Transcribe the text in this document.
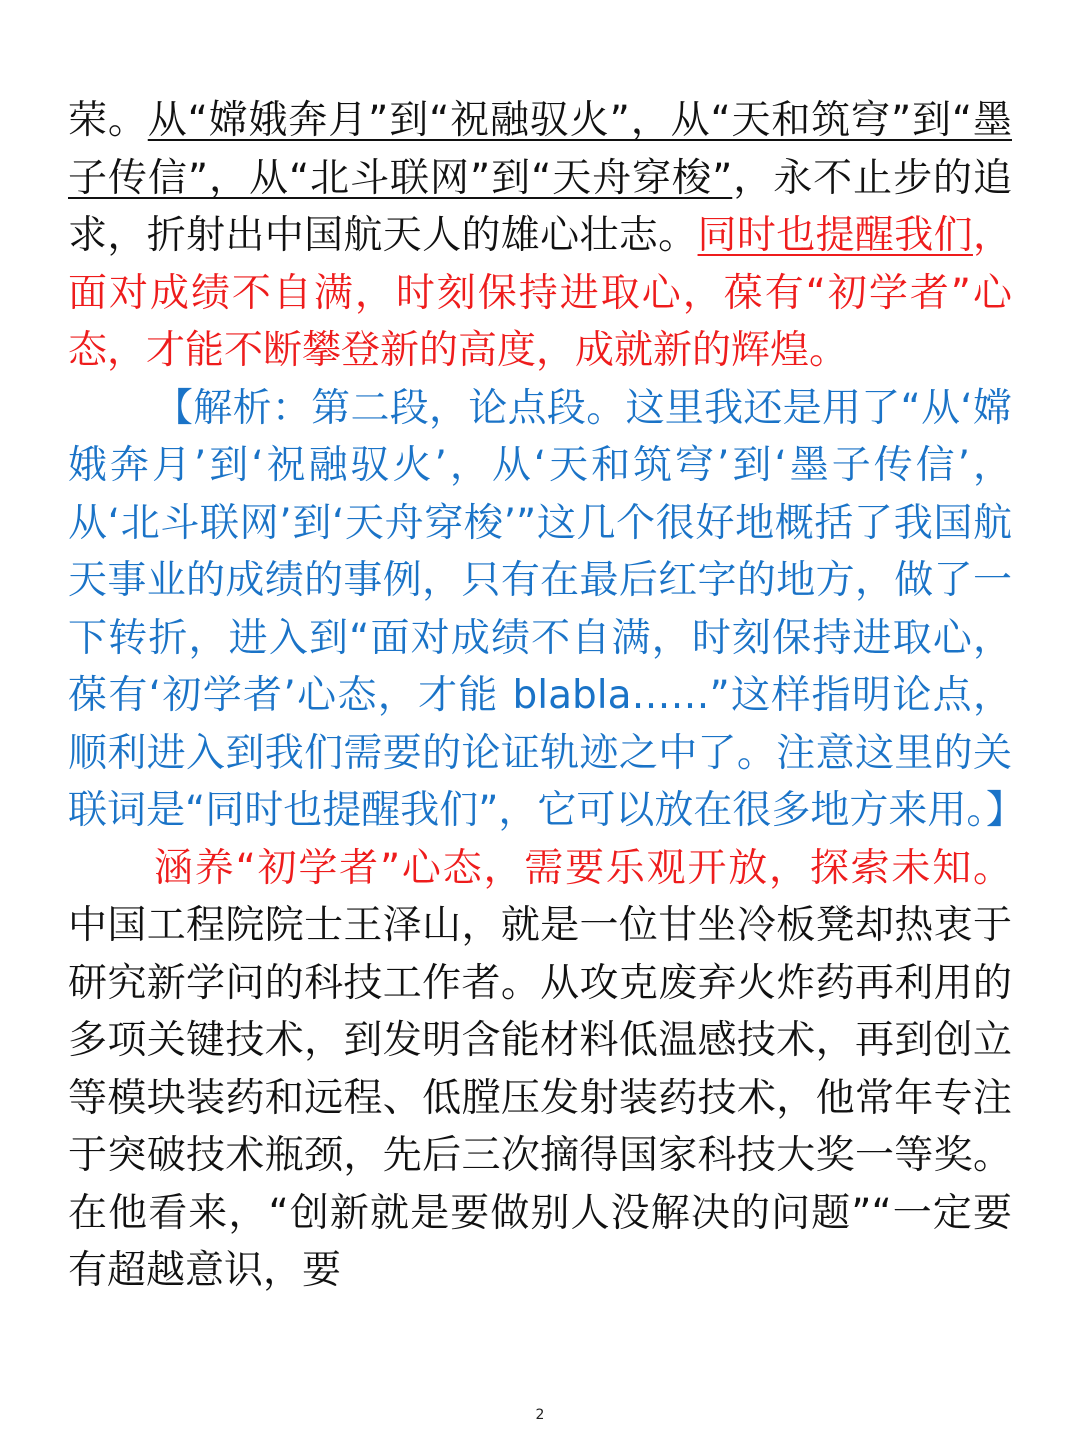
荣。从“嫦娥奔月”到“祝融驭火”，从“天和筑穹”到“墨子传信”，从“北斗联网”到“天舟穿梭”，永不止步的追求，折射出中国航天人的雄心壮志。同时也提醒我们，面对成绩不自满，时刻保持进取心，葆有“初学者”心态，才能不断攀登新的高度，成就新的辉煌。

【解析：第二段，论点段。这里我还是用了“从‘嫦娥奔月’到‘祝融驭火’，从‘天和筑穹’到‘墨子传信’，从‘北斗联网’到‘天舟穿梭’”这几个很好地概括了我国航天事业的成绩的事例，只有在最后红字的地方，做了一下转折，进入到“面对成绩不自满，时刻保持进取心，葆有‘初学者’心态，才能 blabla……”这样指明论点，顺利进入到我们需要的论证轨迹之中了。注意这里的关联词是“同时也提醒我们”，它可以放在很多地方来用。】

涵养“初学者”心态，需要乐观开放，探索未知。中国工程院院士王泽山，就是一位甘坐冷板凳却热衷于研究新学问的科技工作者。从攻克废弃火炸药再利用的多项关键技术，到发明含能材料低温感技术，再到创立等模块装药和远程、低膛压发射装药技术，他常年专注于突破技术瓶颈，先后三次摘得国家科技大奖一等奖。在他看来，“创新就是要做别人没解决的问题”“一定要有超越意识，要

2
